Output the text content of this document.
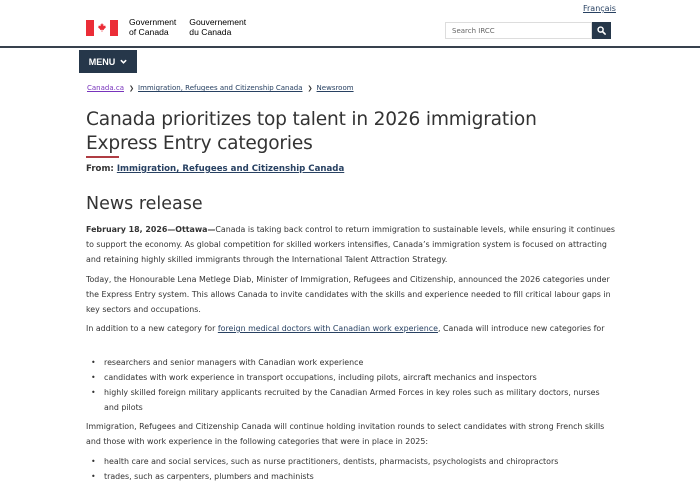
Government
of Canada
Gouvernement
du Canada
Français
Search IRCC
MENU
Canada.ca ❯ Immigration, Refugees and Citizenship Canada ❯ Newsroom
Canada prioritizes top talent in 2026 immigration Express Entry categories
From: Immigration, Refugees and Citizenship Canada
News release

February 18, 2026—Ottawa—Canada is taking back control to return immigration to sustainable levels, while ensuring it continues to support the economy. As global competition for skilled workers intensifies, Canada’s immigration system is focused on attracting and retaining highly skilled immigrants through the International Talent Attraction Strategy.

Today, the Honourable Lena Metlege Diab, Minister of Immigration, Refugees and Citizenship, announced the 2026 categories under the Express Entry system. This allows Canada to invite candidates with the skills and experience needed to fill critical labour gaps in key sectors and occupations.

In addition to a new category for foreign medical doctors with Canadian work experience, Canada will introduce new categories for

• researchers and senior managers with Canadian work experience
• candidates with work experience in transport occupations, including pilots, aircraft mechanics and inspectors
• highly skilled foreign military applicants recruited by the Canadian Armed Forces in key roles such as military doctors, nurses and pilots

Immigration, Refugees and Citizenship Canada will continue holding invitation rounds to select candidates with strong French skills and those with work experience in the following categories that were in place in 2025:

• health care and social services, such as nurse practitioners, dentists, pharmacists, psychologists and chiropractors
• trades, such as carpenters, plumbers and machinists
